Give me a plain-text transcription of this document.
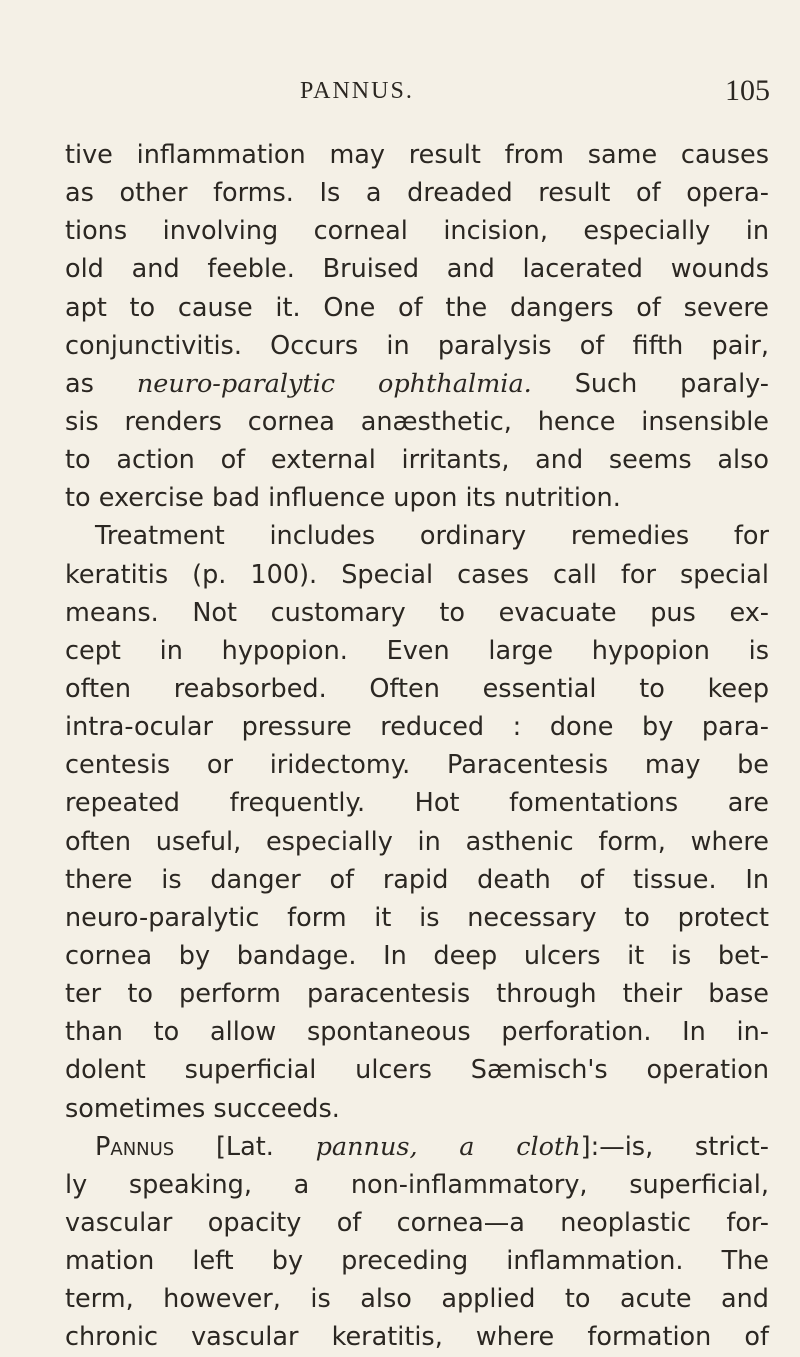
PANNUS.	105
tive inflammation may result from same causes
as other forms. Is a dreaded result of opera-
tions involving corneal incision, especially in
old and feeble. Bruised and lacerated wounds
apt to cause it. One of the dangers of severe
conjunctivitis. Occurs in paralysis of fifth pair,
as neuro-paralytic ophthalmia. Such paraly-
sis renders cornea anæsthetic, hence insensible
to action of external irritants, and seems also
to exercise bad influence upon its nutrition.
Treatment includes ordinary remedies for
keratitis (p. 100). Special cases call for special
means. Not customary to evacuate pus ex-
cept in hypopion. Even large hypopion is
often reabsorbed. Often essential to keep
intra-ocular pressure reduced : done by para-
centesis or iridectomy. Paracentesis may be
repeated frequently. Hot fomentations are
often useful, especially in asthenic form, where
there is danger of rapid death of tissue. In
neuro-paralytic form it is necessary to protect
cornea by bandage. In deep ulcers it is bet-
ter to perform paracentesis through their base
than to allow spontaneous perforation. In in-
dolent superficial ulcers Sæmisch's operation
sometimes succeeds.
Pannus [Lat. pannus, a cloth]:—is, strict-
ly speaking, a non-inflammatory, superficial,
vascular opacity of cornea—a neoplastic for-
mation left by preceding inflammation. The
term, however, is also applied to acute and
chronic vascular keratitis, where formation of
